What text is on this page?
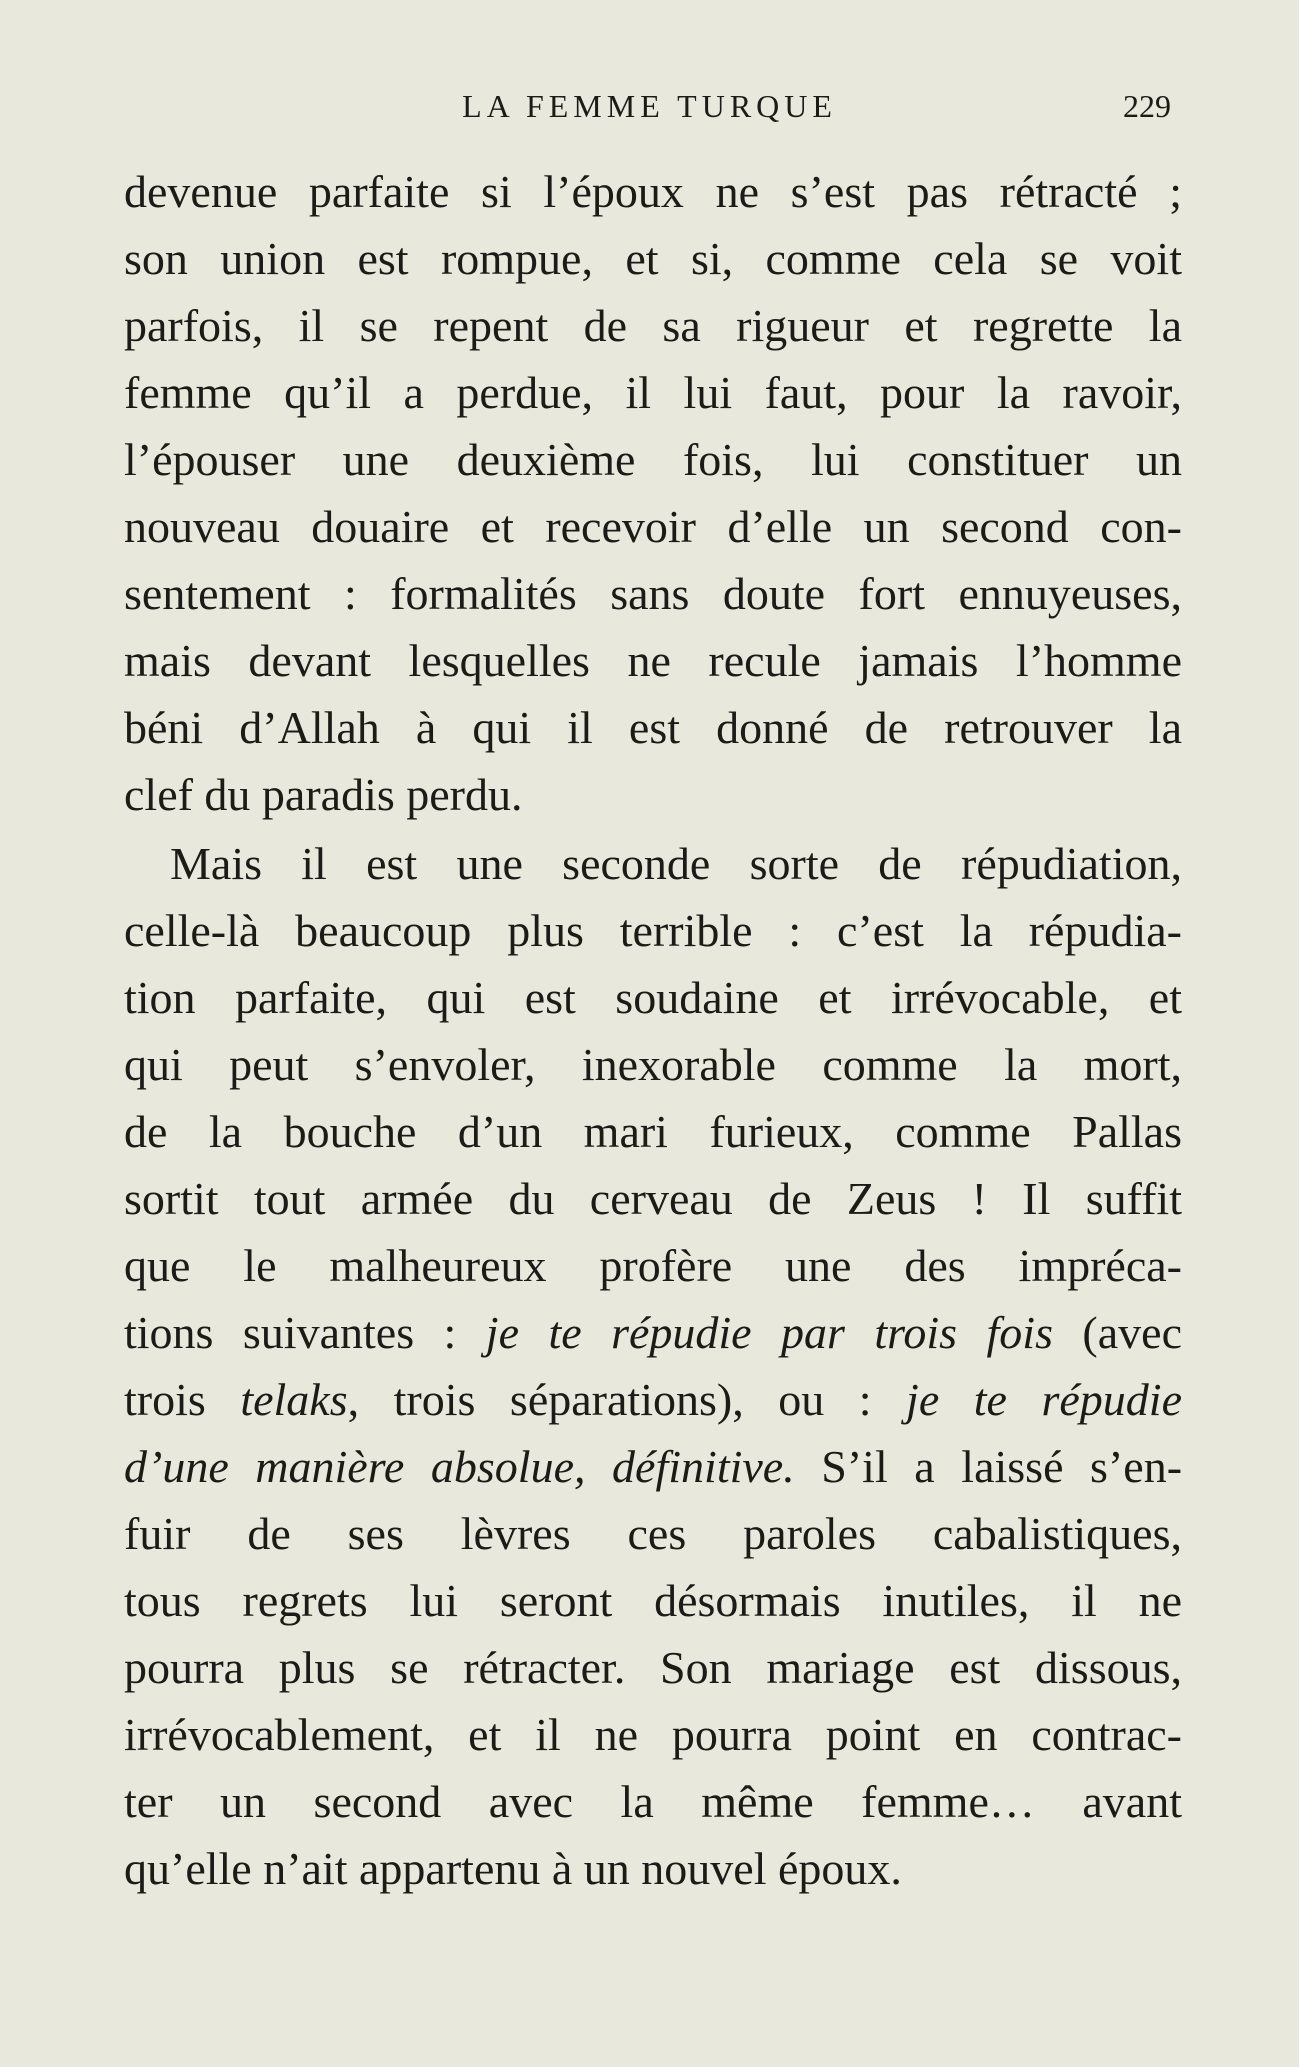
LA FEMME TURQUE	229
devenue parfaite si l’époux ne s’est pas rétracté ;
son union est rompue, et si, comme cela se voit
parfois, il se repent de sa rigueur et regrette la
femme qu’il a perdue, il lui faut, pour la ravoir,
l’épouser une deuxième fois, lui constituer un
nouveau douaire et recevoir d’elle un second con-
sentement : formalités sans doute fort ennuyeuses,
mais devant lesquelles ne recule jamais l’homme
béni d’Allah à qui il est donné de retrouver la
clef du paradis perdu.
Mais il est une seconde sorte de répudiation,
celle-là beaucoup plus terrible : c’est la répudia-
tion parfaite, qui est soudaine et irrévocable, et
qui peut s’envoler, inexorable comme la mort,
de la bouche d’un mari furieux, comme Pallas
sortit tout armée du cerveau de Zeus ! Il suffit
que le malheureux profère une des impréca-
tions suivantes : je te répudie par trois fois (avec
trois telaks, trois séparations), ou : je te répudie
d’une manière absolue, définitive. S’il a laissé s’en-
fuir de ses lèvres ces paroles cabalistiques,
tous regrets lui seront désormais inutiles, il ne
pourra plus se rétracter. Son mariage est dissous,
irrévocablement, et il ne pourra point en contrac-
ter un second avec la même femme… avant
qu’elle n’ait appartenu à un nouvel époux.
